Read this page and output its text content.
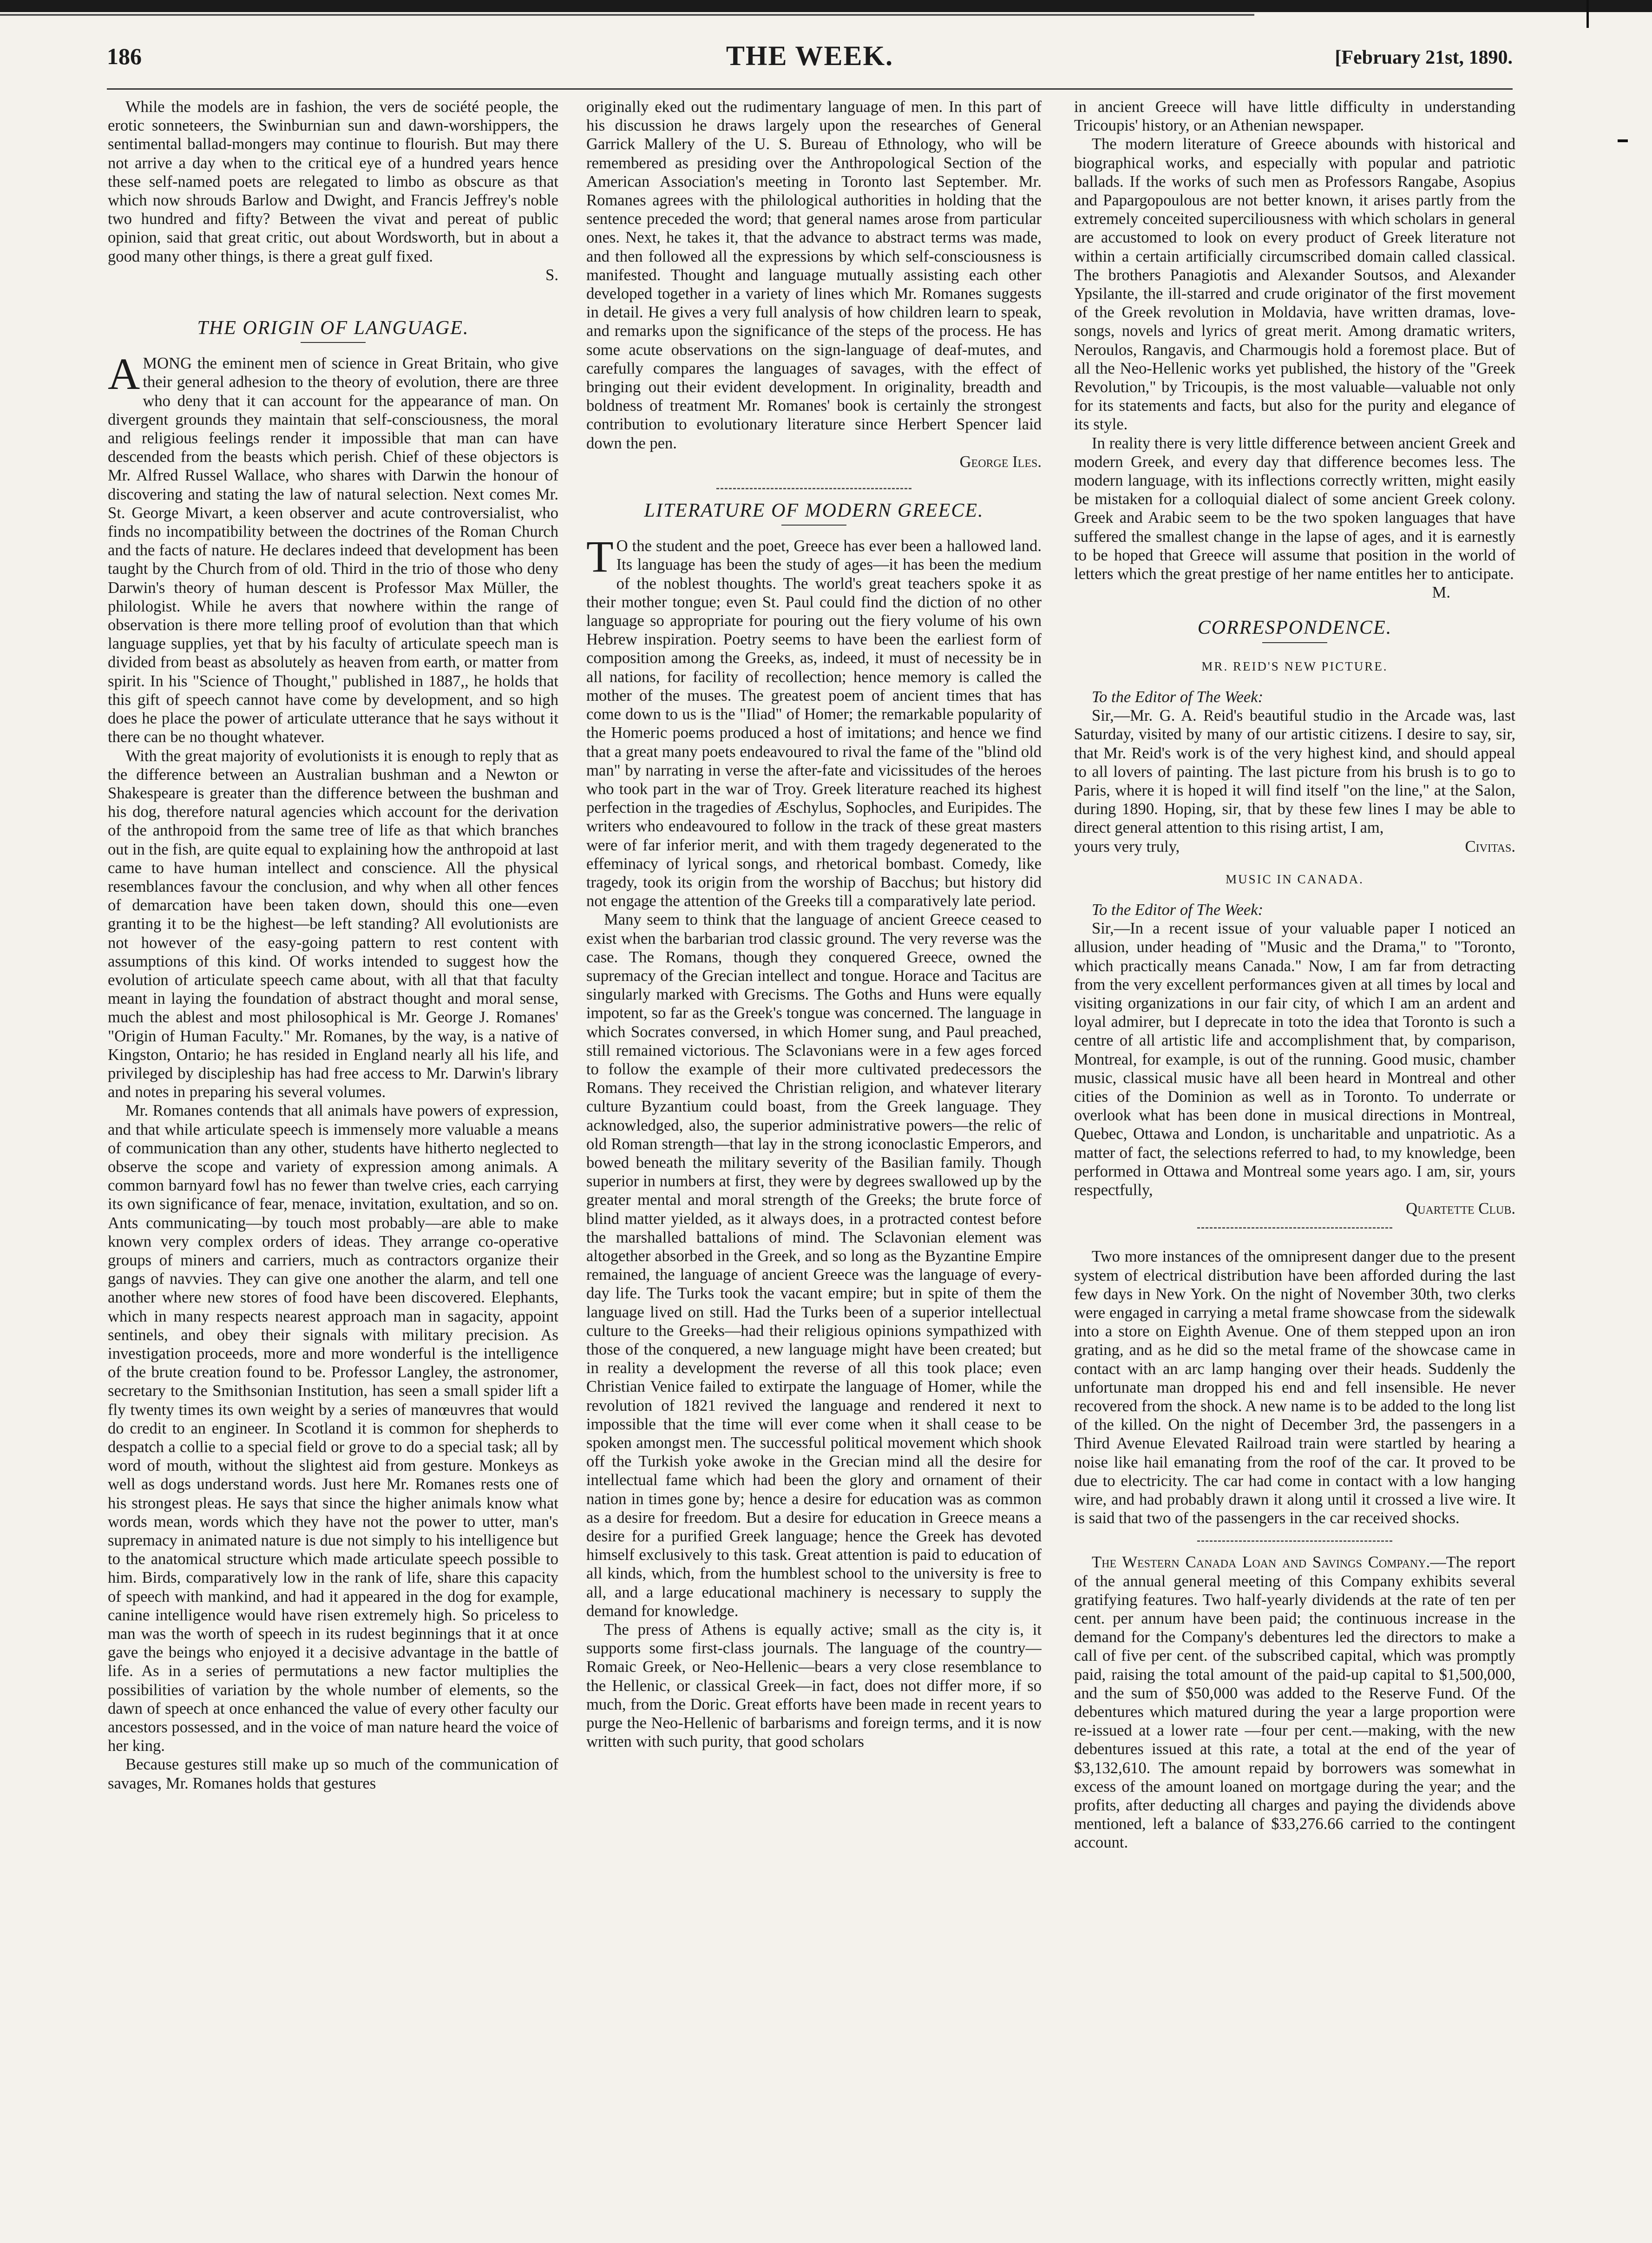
186	THE WEEK.	[February 21st, 1890.

While the models are in fashion, the vers de société people, the erotic sonneteers, the Swinburnian sun and dawn-worshippers, the sentimental ballad-mongers may continue to flourish. But may there not arrive a day when to the critical eye of a hundred years hence these self-named poets are relegated to limbo as obscure as that which now shrouds Barlow and Dwight, and Francis Jeffrey's noble two hundred and fifty? Between the vivat and pereat of public opinion, said that great critic, out about Wordsworth, but in about a good many other things, is there a great gulf fixed.

S.
THE ORIGIN OF LANGUAGE.

AMONG the eminent men of science in Great Britain, who give their general adhesion to the theory of evolution, there are three who deny that it can account for the appearance of man. On divergent grounds they maintain that self-consciousness, the moral and religious feelings render it impossible that man can have descended from the beasts which perish. Chief of these objectors is Mr. Alfred Russel Wallace, who shares with Darwin the honour of discovering and stating the law of natural selection. Next comes Mr. St. George Mivart, a keen observer and acute controversialist, who finds no incompatibility between the doctrines of the Roman Church and the facts of nature. He declares indeed that development has been taught by the Church from of old. Third in the trio of those who deny Darwin's theory of human descent is Professor Max Müller, the philologist. While he avers that nowhere within the range of observation is there more telling proof of evolution than that which language supplies, yet that by his faculty of articulate speech man is divided from beast as absolutely as heaven from earth, or matter from spirit. In his "Science of Thought," published in 1887,, he holds that this gift of speech cannot have come by development, and so high does he place the power of articulate utterance that he says without it there can be no thought whatever.

With the great majority of evolutionists it is enough to reply that as the difference between an Australian bushman and a Newton or Shakespeare is greater than the difference between the bushman and his dog, therefore natural agencies which account for the derivation of the anthropoid from the same tree of life as that which branches out in the fish, are quite equal to explaining how the anthropoid at last came to have human intellect and conscience. All the physical resemblances favour the conclusion, and why when all other fences of demarcation have been taken down, should this one—even granting it to be the highest—be left standing? All evolutionists are not however of the easy-going pattern to rest content with assumptions of this kind. Of works intended to suggest how the evolution of articulate speech came about, with all that that faculty meant in laying the foundation of abstract thought and moral sense, much the ablest and most philosophical is Mr. George J. Romanes' "Origin of Human Faculty." Mr. Romanes, by the way, is a native of Kingston, Ontario; he has resided in England nearly all his life, and privileged by discipleship has had free access to Mr. Darwin's library and notes in preparing his several volumes.

Mr. Romanes contends that all animals have powers of expression, and that while articulate speech is immensely more valuable a means of communication than any other, students have hitherto neglected to observe the scope and variety of expression among animals. A common barnyard fowl has no fewer than twelve cries, each carrying its own significance of fear, menace, invitation, exultation, and so on. Ants communicating—by touch most probably—are able to make known very complex orders of ideas. They arrange co-operative groups of miners and carriers, much as contractors organize their gangs of navvies. They can give one another the alarm, and tell one another where new stores of food have been discovered. Elephants, which in many respects nearest approach man in sagacity, appoint sentinels, and obey their signals with military precision. As investigation proceeds, more and more wonderful is the intelligence of the brute creation found to be. Professor Langley, the astronomer, secretary to the Smithsonian Institution, has seen a small spider lift a fly twenty times its own weight by a series of manœuvres that would do credit to an engineer. In Scotland it is common for shepherds to despatch a collie to a special field or grove to do a special task; all by word of mouth, without the slightest aid from gesture. Monkeys as well as dogs understand words. Just here Mr. Romanes rests one of his strongest pleas. He says that since the higher animals know what words mean, words which they have not the power to utter, man's supremacy in animated nature is due not simply to his intelligence but to the anatomical structure which made articulate speech possible to him. Birds, comparatively low in the rank of life, share this capacity of speech with mankind, and had it appeared in the dog for example, canine intelligence would have risen extremely high. So priceless to man was the worth of speech in its rudest beginnings that it at once gave the beings who enjoyed it a decisive advantage in the battle of life. As in a series of permutations a new factor multiplies the possibilities of variation by the whole number of elements, so the dawn of speech at once enhanced the value of every other faculty our ancestors possessed, and in the voice of man nature heard the voice of her king.

Because gestures still make up so much of the communication of savages, Mr. Romanes holds that gestures

originally eked out the rudimentary language of men. In this part of his discussion he draws largely upon the researches of General Garrick Mallery of the U. S. Bureau of Ethnology, who will be remembered as presiding over the Anthropological Section of the American Association's meeting in Toronto last September. Mr. Romanes agrees with the philological authorities in holding that the sentence preceded the word; that general names arose from particular ones. Next, he takes it, that the advance to abstract terms was made, and then followed all the expressions by which self-consciousness is manifested. Thought and language mutually assisting each other developed together in a variety of lines which Mr. Romanes suggests in detail. He gives a very full analysis of how children learn to speak, and remarks upon the significance of the steps of the process. He has some acute observations on the sign-language of deaf-mutes, and carefully compares the languages of savages, with the effect of bringing out their evident development. In originality, breadth and boldness of treatment Mr. Romanes' book is certainly the strongest contribution to evolutionary literature since Herbert Spencer laid down the pen.

George Iles.
LITERATURE OF MODERN GREECE.

T O the student and the poet, Greece has ever been a hallowed land. Its language has been the study of ages—it has been the medium of the noblest thoughts. The world's great teachers spoke it as their mother tongue; even St. Paul could find the diction of no other language so appropriate for pouring out the fiery volume of his own Hebrew inspiration. Poetry seems to have been the earliest form of composition among the Greeks, as, indeed, it must of necessity be in all nations, for facility of recollection; hence memory is called the mother of the muses. The greatest poem of ancient times that has come down to us is the "Iliad" of Homer; the remarkable popularity of the Homeric poems produced a host of imitations; and hence we find that a great many poets endeavoured to rival the fame of the "blind old man" by narrating in verse the after-fate and vicissitudes of the heroes who took part in the war of Troy. Greek literature reached its highest perfection in the tragedies of Æschylus, Sophocles, and Euripides. The writers who endeavoured to follow in the track of these great masters were of far inferior merit, and with them tragedy degenerated to the effeminacy of lyrical songs, and rhetorical bombast. Comedy, like tragedy, took its origin from the worship of Bacchus; but history did not engage the attention of the Greeks till a comparatively late period.

Many seem to think that the language of ancient Greece ceased to exist when the barbarian trod classic ground. The very reverse was the case. The Romans, though they conquered Greece, owned the supremacy of the Grecian intellect and tongue. Horace and Tacitus are singularly marked with Grecisms. The Goths and Huns were equally impotent, so far as the Greek's tongue was concerned. The language in which Socrates conversed, in which Homer sung, and Paul preached, still remained victorious. The Sclavonians were in a few ages forced to follow the example of their more cultivated predecessors the Romans. They received the Christian religion, and whatever literary culture Byzantium could boast, from the Greek language. They acknowledged, also, the superior administrative powers—the relic of old Roman strength—that lay in the strong iconoclastic Emperors, and bowed beneath the military severity of the Basilian family. Though superior in numbers at first, they were by degrees swallowed up by the greater mental and moral strength of the Greeks; the brute force of blind matter yielded, as it always does, in a protracted contest before the marshalled battalions of mind. The Sclavonian element was altogether absorbed in the Greek, and so long as the Byzantine Empire remained, the language of ancient Greece was the language of every-day life. The Turks took the vacant empire; but in spite of them the language lived on still. Had the Turks been of a superior intellectual culture to the Greeks—had their religious opinions sympathized with those of the conquered, a new language might have been created; but in reality a development the reverse of all this took place; even Christian Venice failed to extirpate the language of Homer, while the revolution of 1821 revived the language and rendered it next to impossible that the time will ever come when it shall cease to be spoken amongst men. The successful political movement which shook off the Turkish yoke awoke in the Grecian mind all the desire for intellectual fame which had been the glory and ornament of their nation in times gone by; hence a desire for education was as common as a desire for freedom. But a desire for education in Greece means a desire for a purified Greek language; hence the Greek has devoted himself exclusively to this task. Great attention is paid to education of all kinds, which, from the humblest school to the university is free to all, and a large educational machinery is necessary to supply the demand for knowledge.

The press of Athens is equally active; small as the city is, it supports some first-class journals. The language of the country—Romaic Greek, or Neo-Hellenic—bears a very close resemblance to the Hellenic, or classical Greek—in fact, does not differ more, if so much, from the Doric. Great efforts have been made in recent years to purge the Neo-Hellenic of barbarisms and foreign terms, and it is now written with such purity, that good scholars

in ancient Greece will have little difficulty in understanding Tricoupis' history, or an Athenian newspaper.

The modern literature of Greece abounds with historical and biographical works, and especially with popular and patriotic ballads. If the works of such men as Professors Rangabe, Asopius and Papargopoulous are not better known, it arises partly from the extremely conceited superciliousness with which scholars in general are accustomed to look on every product of Greek literature not within a certain artificially circumscribed domain called classical. The brothers Panagiotis and Alexander Soutsos, and Alexander Ypsilante, the ill-starred and crude originator of the first movement of the Greek revolution in Moldavia, have written dramas, love-songs, novels and lyrics of great merit. Among dramatic writers, Neroulos, Rangavis, and Charmougis hold a foremost place. But of all the Neo-Hellenic works yet published, the history of the "Greek Revolution," by Tricoupis, is the most valuable—valuable not only for its statements and facts, but also for the purity and elegance of its style.

In reality there is very little difference between ancient Greek and modern Greek, and every day that difference becomes less. The modern language, with its inflections correctly written, might easily be mistaken for a colloquial dialect of some ancient Greek colony. Greek and Arabic seem to be the two spoken languages that have suffered the smallest change in the lapse of ages, and it is earnestly to be hoped that Greece will assume that position in the world of letters which the great prestige of her name entitles her to anticipate.

M.
CORRESPONDENCE.
MR. REID'S NEW PICTURE.

To the Editor of The Week:

Sir,—Mr. G. A. Reid's beautiful studio in the Arcade was, last Saturday, visited by many of our artistic citizens. I desire to say, sir, that Mr. Reid's work is of the very highest kind, and should appeal to all lovers of painting. The last picture from his brush is to go to Paris, where it is hoped it will find itself "on the line," at the Salon, during 1890. Hoping, sir, that by these few lines I may be able to direct general attention to this rising artist, I am,

yours very truly,	Civitas.

MUSIC IN CANADA.

To the Editor of The Week:

Sir,—In a recent issue of your valuable paper I noticed an allusion, under heading of "Music and the Drama," to "Toronto, which practically means Canada." Now, I am far from detracting from the very excellent performances given at all times by local and visiting organizations in our fair city, of which I am an ardent and loyal admirer, but I deprecate in toto the idea that Toronto is such a centre of all artistic life and accomplishment that, by comparison, Montreal, for example, is out of the running. Good music, chamber music, classical music have all been heard in Montreal and other cities of the Dominion as well as in Toronto. To underrate or overlook what has been done in musical directions in Montreal, Quebec, Ottawa and London, is uncharitable and unpatriotic. As a matter of fact, the selections referred to had, to my knowledge, been performed in Ottawa and Montreal some years ago. I am, sir, yours respectfully,

Quartette Club.

Two more instances of the omnipresent danger due to the present system of electrical distribution have been afforded during the last few days in New York. On the night of November 30th, two clerks were engaged in carrying a metal frame showcase from the sidewalk into a store on Eighth Avenue. One of them stepped upon an iron grating, and as he did so the metal frame of the showcase came in contact with an arc lamp hanging over their heads. Suddenly the unfortunate man dropped his end and fell insensible. He never recovered from the shock. A new name is to be added to the long list of the killed. On the night of December 3rd, the passengers in a Third Avenue Elevated Railroad train were startled by hearing a noise like hail emanating from the roof of the car. It proved to be due to electricity. The car had come in contact with a low hanging wire, and had probably drawn it along until it crossed a live wire. It is said that two of the passengers in the car received shocks.

The Western Canada Loan and Savings Company.—The report of the annual general meeting of this Company exhibits several gratifying features. Two half-yearly dividends at the rate of ten per cent. per annum have been paid; the continuous increase in the demand for the Company's debentures led the directors to make a call of five per cent. of the subscribed capital, which was promptly paid, raising the total amount of the paid-up capital to $1,500,000, and the sum of $50,000 was added to the Reserve Fund. Of the debentures which matured during the year a large proportion were re-issued at a lower rate —four per cent.—making, with the new debentures issued at this rate, a total at the end of the year of $3,132,610. The amount repaid by borrowers was somewhat in excess of the amount loaned on mortgage during the year; and the profits, after deducting all charges and paying the dividends above mentioned, left a balance of $33,276.66 carried to the contingent account.
